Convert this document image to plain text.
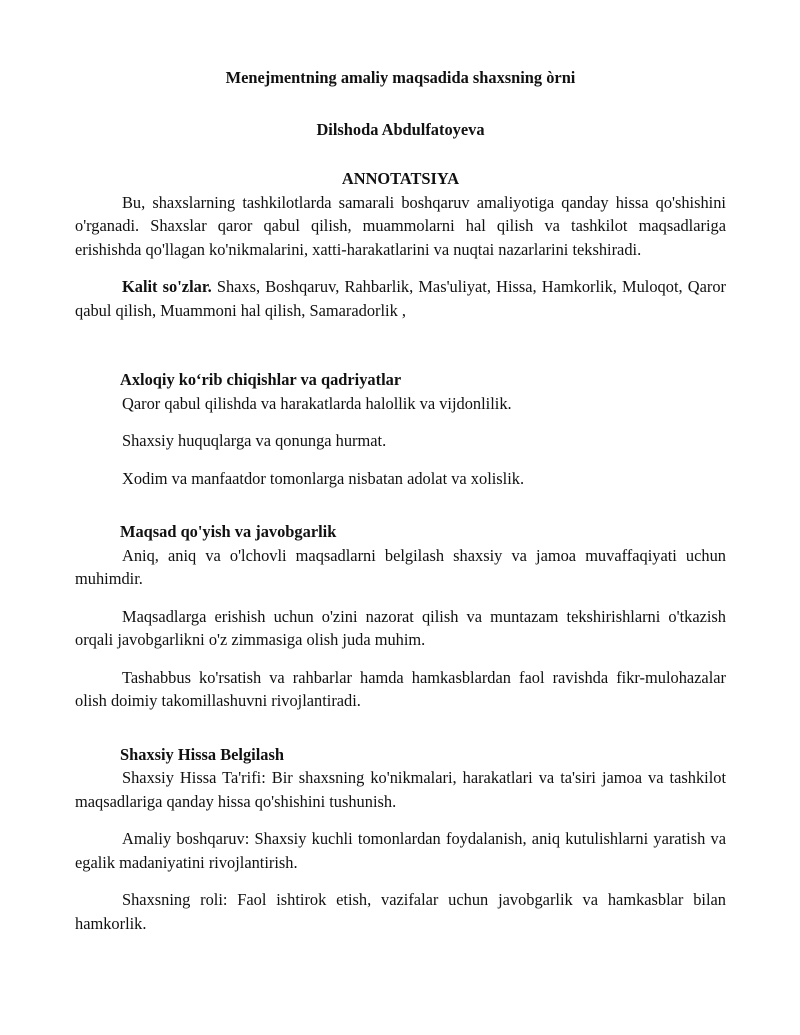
Menejmentning amaliy maqsadida shaxsning òrni
Dilshoda Abdulfatoyeva
ANNOTATSIYA

Bu, shaxslarning tashkilotlarda samarali boshqaruv amaliyotiga qanday hissa qo'shishini o'rganadi. Shaxslar qaror qabul qilish, muammolarni hal qilish va tashkilot maqsadlariga erishishda qo'llagan ko'nikmalarini, xatti-harakatlarini va nuqtai nazarlarini tekshiradi.

Kalit so'zlar. Shaxs, Boshqaruv, Rahbarlik, Mas'uliyat, Hissa, Hamkorlik, Muloqot, Qaror qabul qilish, Muammoni hal qilish, Samaradorlik ,

Axloqiy ko‘rib chiqishlar va qadriyatlar

Qaror qabul qilishda va harakatlarda halollik va vijdonlilik.

Shaxsiy huquqlarga va qonunga hurmat.

Xodim va manfaatdor tomonlarga nisbatan adolat va xolislik.

Maqsad qo'yish va javobgarlik

Aniq, aniq va o'lchovli maqsadlarni belgilash shaxsiy va jamoa muvaffaqiyati uchun muhimdir.

Maqsadlarga erishish uchun o'zini nazorat qilish va muntazam tekshirishlarni o'tkazish orqali javobgarlikni o'z zimmasiga olish juda muhim.

Tashabbus ko'rsatish va rahbarlar hamda hamkasblardan faol ravishda fikr-mulohazalar olish doimiy takomillashuvni rivojlantiradi.

Shaxsiy Hissa Belgilash

Shaxsiy Hissa Ta'rifi: Bir shaxsning ko'nikmalari, harakatlari va ta'siri jamoa va tashkilot maqsadlariga qanday hissa qo'shishini tushunish.

Amaliy boshqaruv: Shaxsiy kuchli tomonlardan foydalanish, aniq kutulishlarni yaratish va egalik madaniyatini rivojlantirish.

Shaxsning roli: Faol ishtirok etish, vazifalar uchun javobgarlik va hamkasblar bilan hamkorlik.
